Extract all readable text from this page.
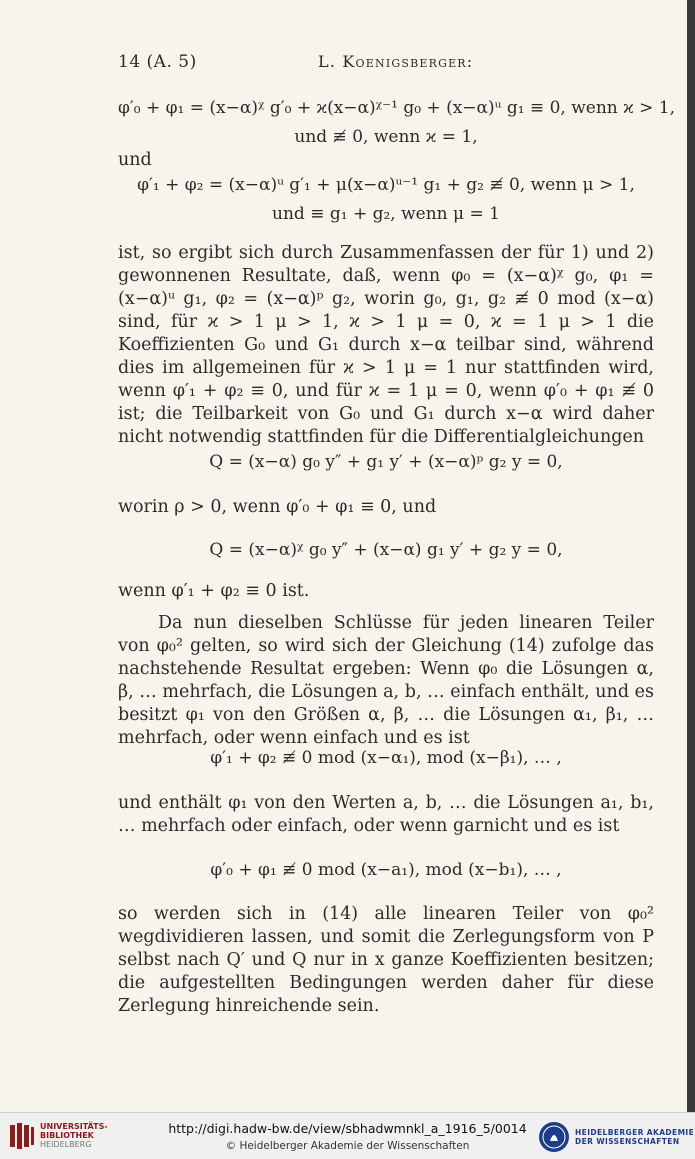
14 (A. 5)	L. Koenigsberger:
φ′₀ + φ₁ = (x−α)ᵡ g′₀ + ϰ(x−α)ᵡ⁻¹ g₀ + (x−α)ᵘ g₁ ≡ 0, wenn ϰ > 1,
und ≢ 0, wenn ϰ = 1,
und
φ′₁ + φ₂ = (x−α)ᵘ g′₁ + μ(x−α)ᵘ⁻¹ g₁ + g₂ ≢ 0, wenn μ > 1,
und ≡ g₁ + g₂, wenn μ = 1
ist, so ergibt sich durch Zusammenfassen der für 1) und 2) gewonnenen Resultate, daß, wenn φ₀ = (x−α)ᵡ g₀, φ₁ = (x−α)ᵘ g₁, φ₂ = (x−α)ᵖ g₂, worin g₀, g₁, g₂ ≢ 0 mod (x−α) sind, für ϰ > 1 μ > 1, ϰ > 1 μ = 0, ϰ = 1 μ > 1 die Koeffizienten G₀ und G₁ durch x−α teilbar sind, während dies im allgemeinen für ϰ > 1 μ = 1 nur stattfinden wird, wenn φ′₁ + φ₂ ≡ 0, und für ϰ = 1 μ = 0, wenn φ′₀ + φ₁ ≢ 0 ist; die Teilbarkeit von G₀ und G₁ durch x−α wird daher nicht notwendig stattfinden für die Differentialgleichungen
Q = (x−α) g₀ y″ + g₁ y′ + (x−α)ᵖ g₂ y = 0,
worin ρ > 0, wenn φ′₀ + φ₁ ≡ 0, und
Q = (x−α)ᵡ g₀ y″ + (x−α) g₁ y′ + g₂ y = 0,
wenn φ′₁ + φ₂ ≡ 0 ist.
Da nun dieselben Schlüsse für jeden linearen Teiler von φ₀² gelten, so wird sich der Gleichung (14) zufolge das nachstehende Resultat ergeben: Wenn φ₀ die Lösungen α, β, … mehrfach, die Lösungen a, b, … einfach enthält, und es besitzt φ₁ von den Größen α, β, … die Lösungen α₁, β₁, … mehrfach, oder wenn einfach und es ist
φ′₁ + φ₂ ≢ 0 mod (x−α₁), mod (x−β₁), … ,
und enthält φ₁ von den Werten a, b, … die Lösungen a₁, b₁, … mehrfach oder einfach, oder wenn garnicht und es ist
φ′₀ + φ₁ ≢ 0 mod (x−a₁), mod (x−b₁), … ,
so werden sich in (14) alle linearen Teiler von φ₀² wegdividieren lassen, und somit die Zerlegungsform von P selbst nach Q′ und Q nur in x ganze Koeffizienten besitzen; die aufgestellten Bedingungen werden daher für diese Zerlegung hinreichende sein.
UNIVERSITÄTS-
BIBLIOTHEK
HEIDELBERG
http://digi.hadw-bw.de/view/sbhadwmnkl_a_1916_5/0014
© Heidelberger Akademie der Wissenschaften
HEIDELBERGER AKADEMIE
DER WISSENSCHAFTEN
